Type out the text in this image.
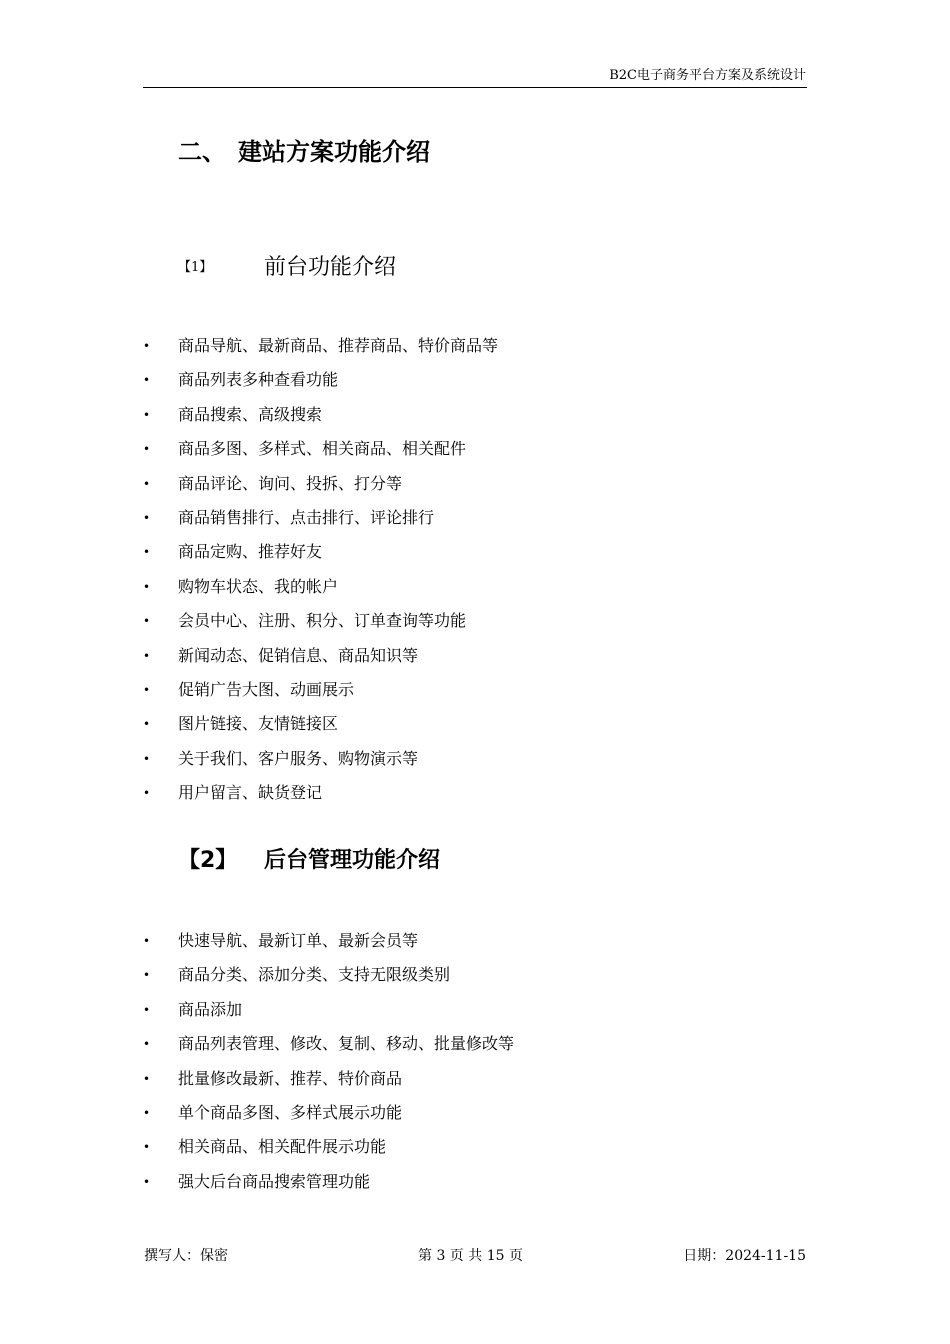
B2C电子商务平台方案及系统设计
二、 建站方案功能介绍
【1】 前台功能介绍
• 商品导航、最新商品、推荐商品、特价商品等
• 商品列表多种查看功能
• 商品搜索、高级搜索
• 商品多图、多样式、相关商品、相关配件
• 商品评论、询问、投拆、打分等
• 商品销售排行、点击排行、评论排行
• 商品定购、推荐好友
• 购物车状态、我的帐户
• 会员中心、注册、积分、订单查询等功能
• 新闻动态、促销信息、商品知识等
• 促销广告大图、动画展示
• 图片链接、友情链接区
• 关于我们、客户服务、购物演示等
• 用户留言、缺货登记
【2】 后台管理功能介绍
• 快速导航、最新订单、最新会员等
• 商品分类、添加分类、支持无限级类别
• 商品添加
• 商品列表管理、修改、复制、移动、批量修改等
• 批量修改最新、推荐、特价商品
• 单个商品多图、多样式展示功能
• 相关商品、相关配件展示功能
• 强大后台商品搜索管理功能
撰写人：保密	第 3 页 共 15 页	日期：2024-11-15
